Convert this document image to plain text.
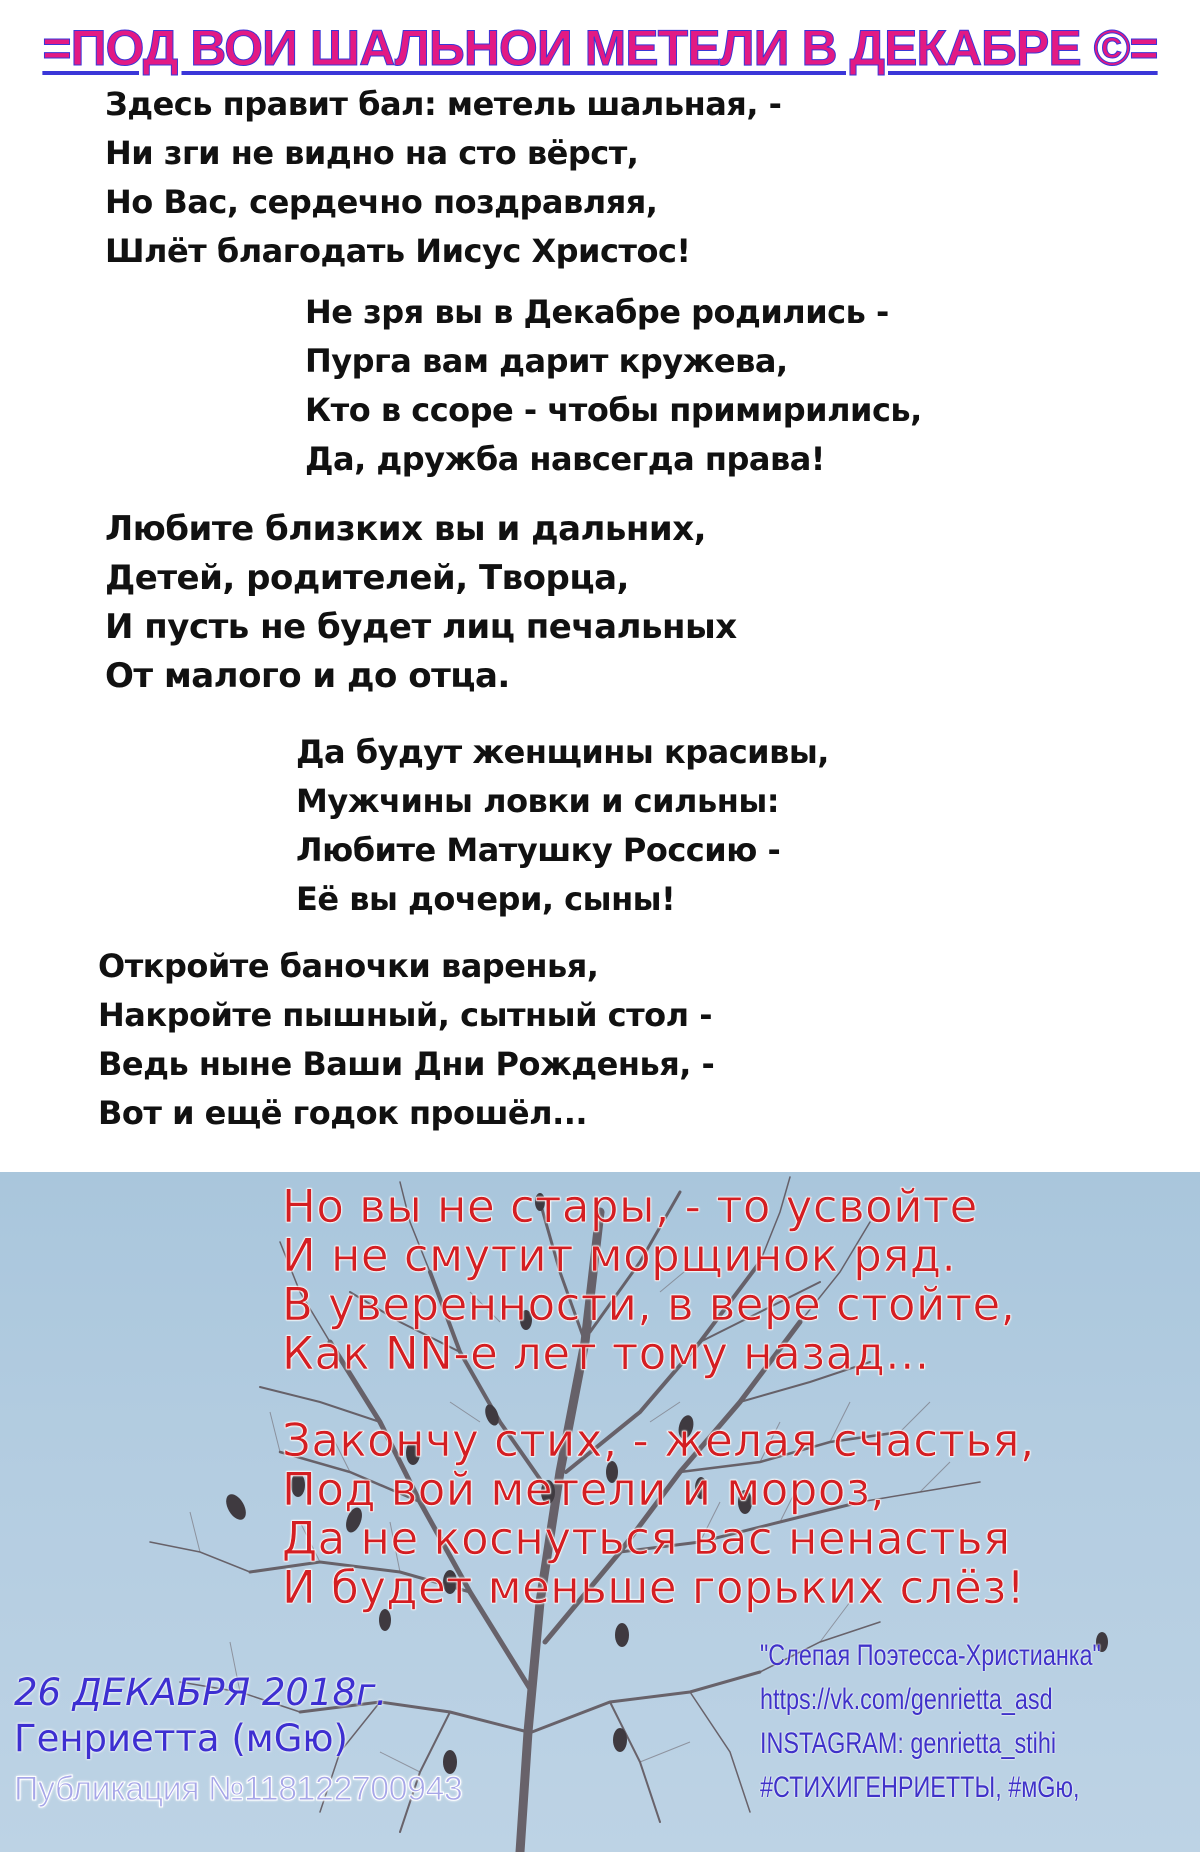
=ПОД ВОИ ШАЛЬНОИ МЕТЕЛИ В ДЕКАБРЕ ©=
Здесь правит бал: метель шальная, -
Ни зги не видно на сто вёрст,
Но Вас, сердечно поздравляя,
Шлёт благодать Иисус Христос!
Не зря вы в Декабре родились -
Пурга вам дарит кружева,
Кто в ссоре - чтобы примирились,
Да, дружба навсегда права!
Любите близких вы и дальних,
Детей, родителей, Творца,
И пусть не будет лиц печальных
От малого и до отца.
Да будут женщины красивы,
Мужчины ловки и сильны:
Любите Матушку Россию -
Её вы дочери, сыны!
Откройте баночки варенья,
Накройте пышный, сытный стол -
Ведь ныне Ваши Дни Рожденья, -
Вот и ещё годок прошёл...
Но вы не стары, - то усвойте
И не смутит морщинок ряд.
В уверенности, в вере стойте,
Как NN-е лет тому назад...
Закончу стих, - желая счастья,
Под вой метели и мороз,
Да не коснуться вас ненастья
И будет меньше горьких слёз!
26 ДЕКАБРЯ 2018г.
Генриетта (мGю)
Публикация №118122700943
"Слепая Поэтесса-Христианка"
https://vk.com/genrietta_asd
INSTAGRAM: genrietta_stihi
#СТИХИГЕНРИЕТТЫ, #мGю,
